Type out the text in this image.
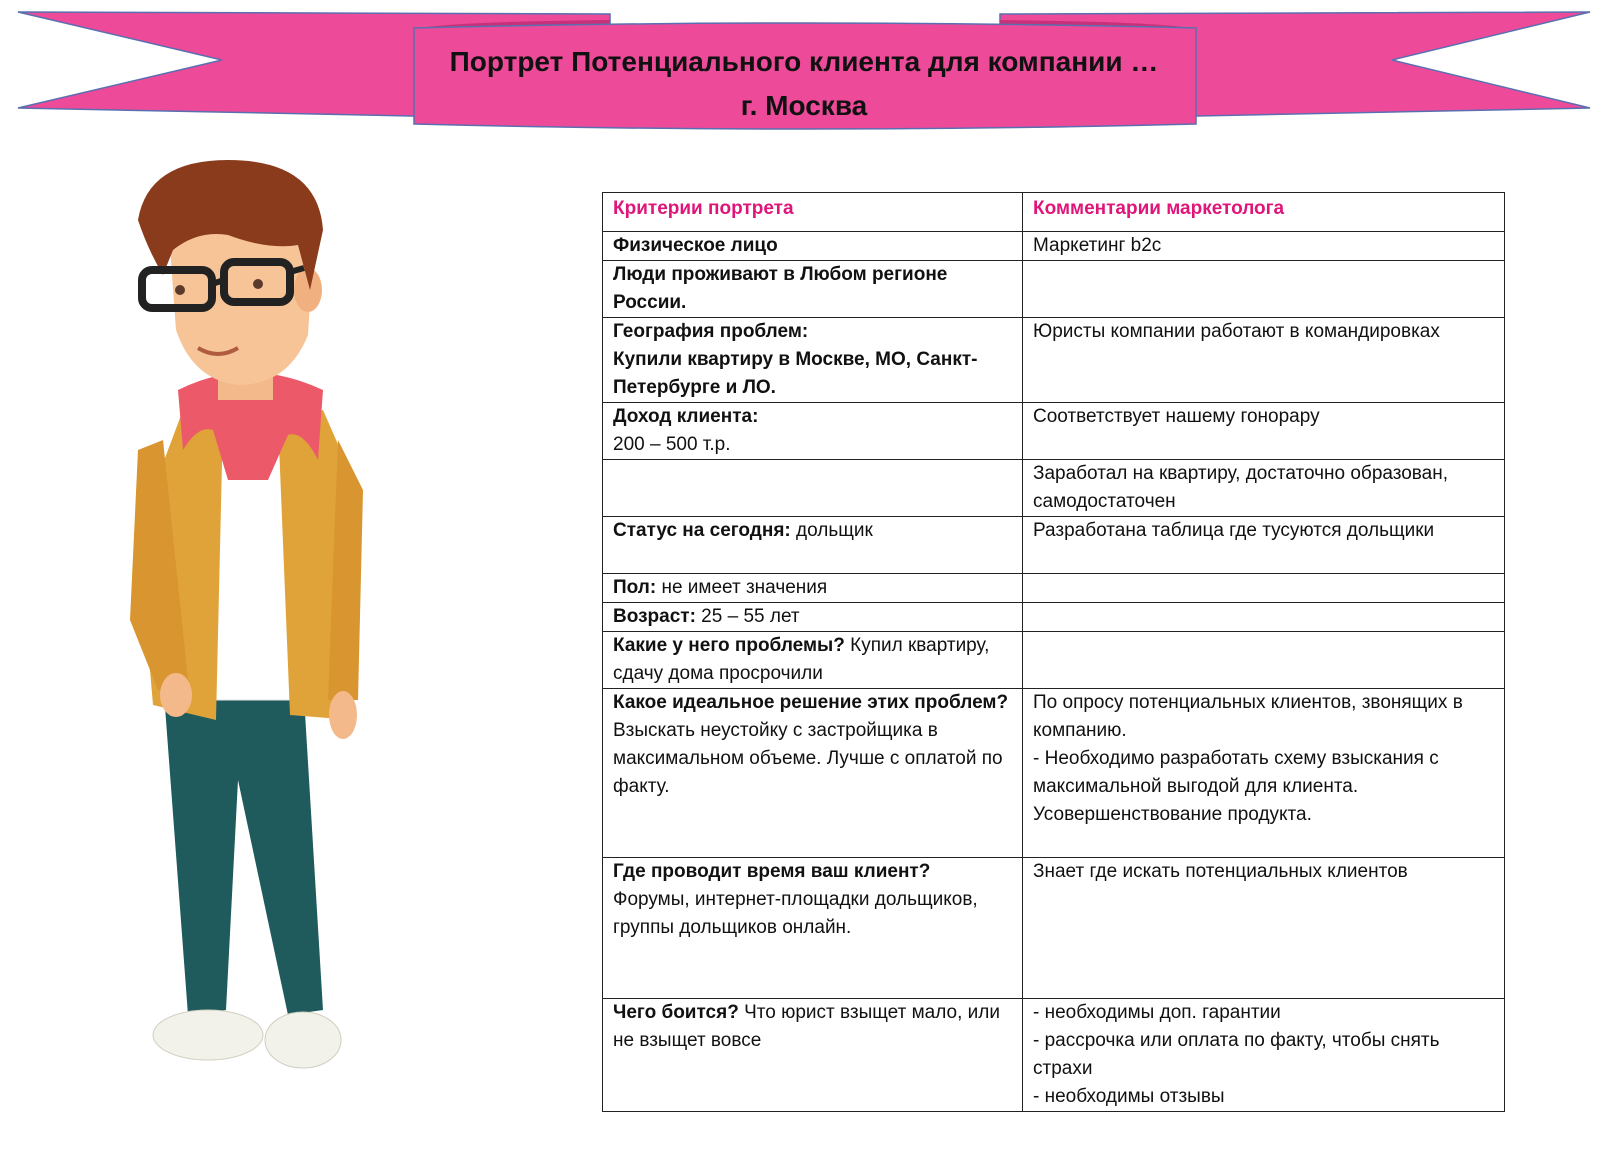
Портрет Потенциального клиента для компании …
г. Москва
Критерии портрета	Комментарии маркетолога
Физическое лицо	Маркетинг b2c
Люди проживают в Любом регионе России.	
География проблем:
Купили квартиру в Москве, МО, Санкт-Петербурге и ЛО.	Юристы компании работают в командировках
Доход клиента:
200 – 500 т.р.	Соответствует нашему гонорару
	Заработал на квартиру, достаточно образован, самодостаточен
Статус на сегодня: дольщик	Разработана таблица где тусуются дольщики
Пол: не имеет значения	
Возраст: 25 – 55 лет	
Какие у него проблемы? Купил квартиру, сдачу дома просрочили	
Какое идеальное решение этих проблем? Взыскать неустойку с застройщика в максимальном объеме. Лучше с оплатой по факту.	По опросу потенциальных клиентов, звонящих в компанию.
- Необходимо разработать схему взыскания с максимальной выгодой для клиента. Усовершенствование продукта.
Где проводит время ваш клиент? Форумы, интернет-площадки дольщиков, группы дольщиков онлайн.	Знает где искать потенциальных клиентов
Чего боится? Что юрист взыщет мало, или не взыщет вовсе	- необходимы доп. гарантии
- рассрочка или оплата по факту, чтобы снять страхи
- необходимы отзывы
